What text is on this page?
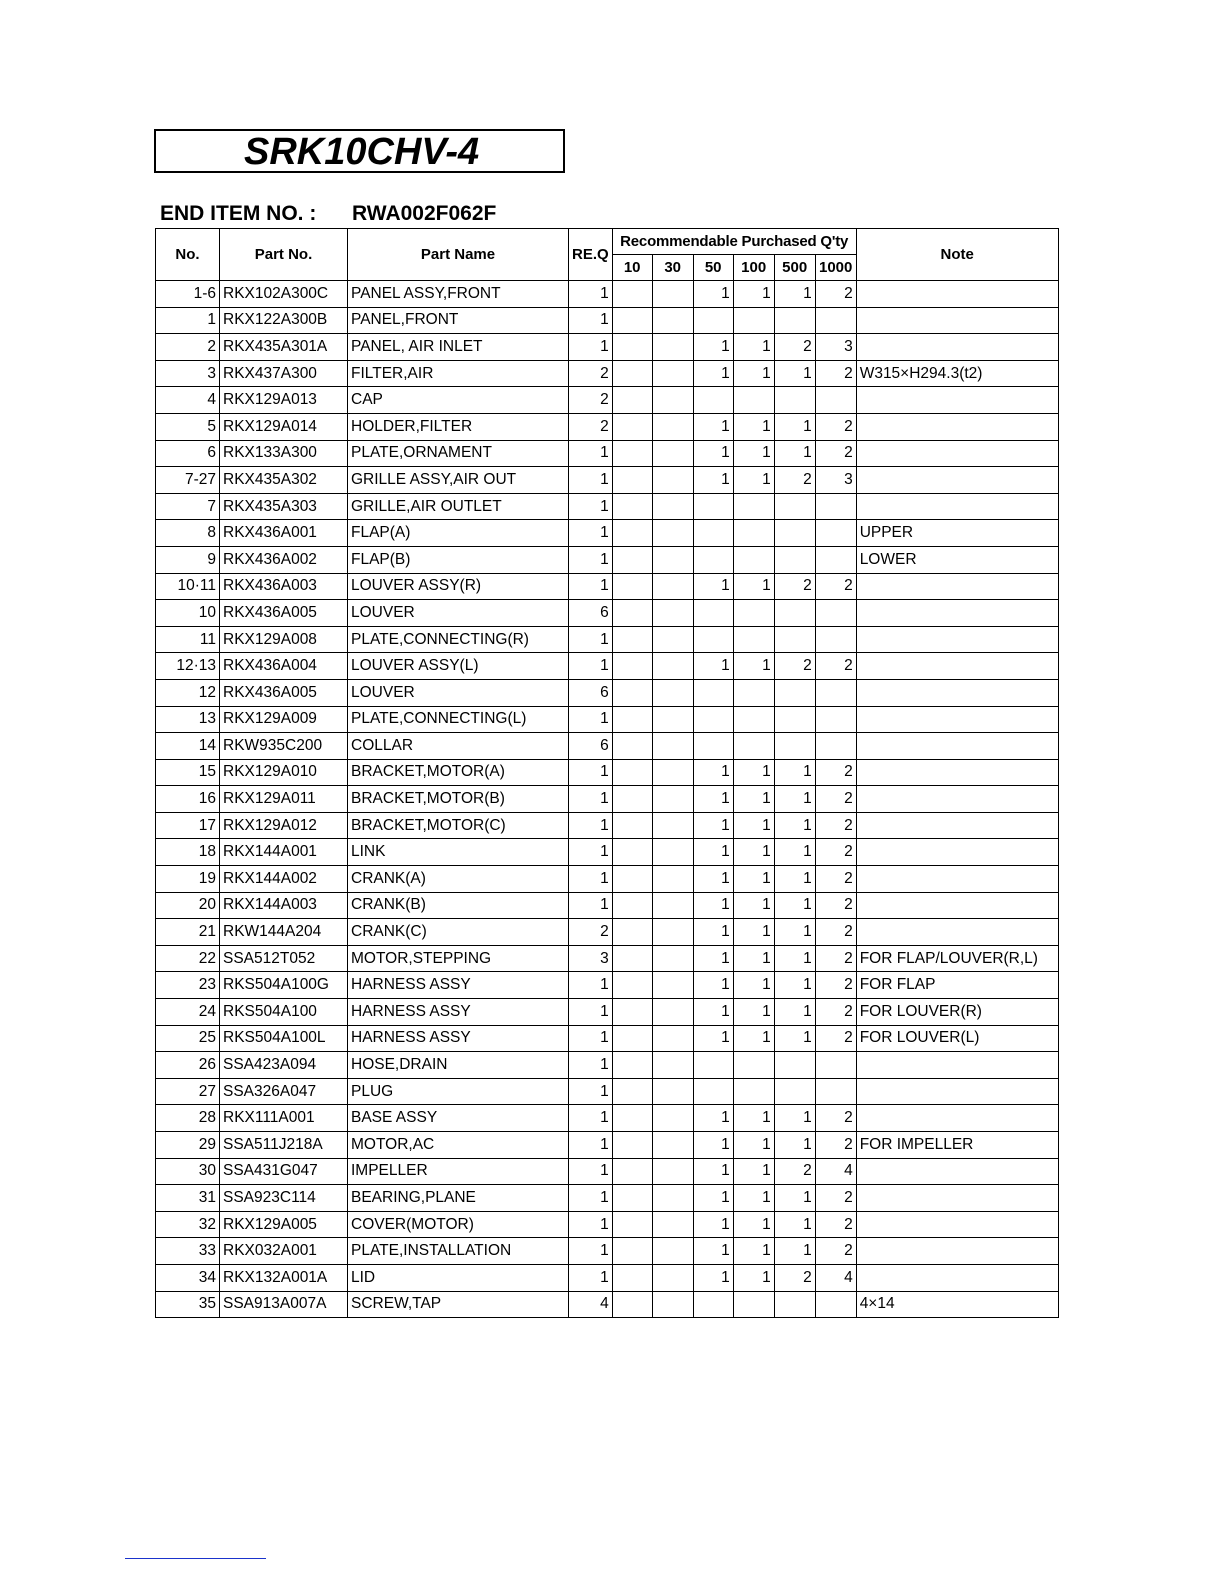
SRK10CHV-4
END ITEM NO. : RWA002F062F
No.	Part No.	Part Name	RE.Q	Recommendable Purchased Q'ty						Note
				10	30	50	100	500	1000	
1-6	RKX102A300C	PANEL ASSY,FRONT	1			1	1	1	2	
1	RKX122A300B	PANEL,FRONT	1							
2	RKX435A301A	PANEL, AIR INLET	1			1	1	2	3	
3	RKX437A300	FILTER,AIR	2			1	1	1	2	W315×H294.3(t2)
4	RKX129A013	CAP	2							
5	RKX129A014	HOLDER,FILTER	2			1	1	1	2	
6	RKX133A300	PLATE,ORNAMENT	1			1	1	1	2	
7-27	RKX435A302	GRILLE ASSY,AIR OUT	1			1	1	2	3	
7	RKX435A303	GRILLE,AIR OUTLET	1							
8	RKX436A001	FLAP(A)	1							UPPER
9	RKX436A002	FLAP(B)	1							LOWER
10·11	RKX436A003	LOUVER ASSY(R)	1			1	1	2	2	
10	RKX436A005	LOUVER	6							
11	RKX129A008	PLATE,CONNECTING(R)	1							
12·13	RKX436A004	LOUVER ASSY(L)	1			1	1	2	2	
12	RKX436A005	LOUVER	6							
13	RKX129A009	PLATE,CONNECTING(L)	1							
14	RKW935C200	COLLAR	6							
15	RKX129A010	BRACKET,MOTOR(A)	1			1	1	1	2	
16	RKX129A011	BRACKET,MOTOR(B)	1			1	1	1	2	
17	RKX129A012	BRACKET,MOTOR(C)	1			1	1	1	2	
18	RKX144A001	LINK	1			1	1	1	2	
19	RKX144A002	CRANK(A)	1			1	1	1	2	
20	RKX144A003	CRANK(B)	1			1	1	1	2	
21	RKW144A204	CRANK(C)	2			1	1	1	2	
22	SSA512T052	MOTOR,STEPPING	3			1	1	1	2	FOR FLAP/LOUVER(R,L)
23	RKS504A100G	HARNESS ASSY	1			1	1	1	2	FOR FLAP
24	RKS504A100	HARNESS ASSY	1			1	1	1	2	FOR LOUVER(R)
25	RKS504A100L	HARNESS ASSY	1			1	1	1	2	FOR LOUVER(L)
26	SSA423A094	HOSE,DRAIN	1							
27	SSA326A047	PLUG	1							
28	RKX111A001	BASE ASSY	1			1	1	1	2	
29	SSA511J218A	MOTOR,AC	1			1	1	1	2	FOR IMPELLER
30	SSA431G047	IMPELLER	1			1	1	2	4	
31	SSA923C114	BEARING,PLANE	1			1	1	1	2	
32	RKX129A005	COVER(MOTOR)	1			1	1	1	2	
33	RKX032A001	PLATE,INSTALLATION	1			1	1	1	2	
34	RKX132A001A	LID	1			1	1	2	4	
35	SSA913A007A	SCREW,TAP	4							4×14
